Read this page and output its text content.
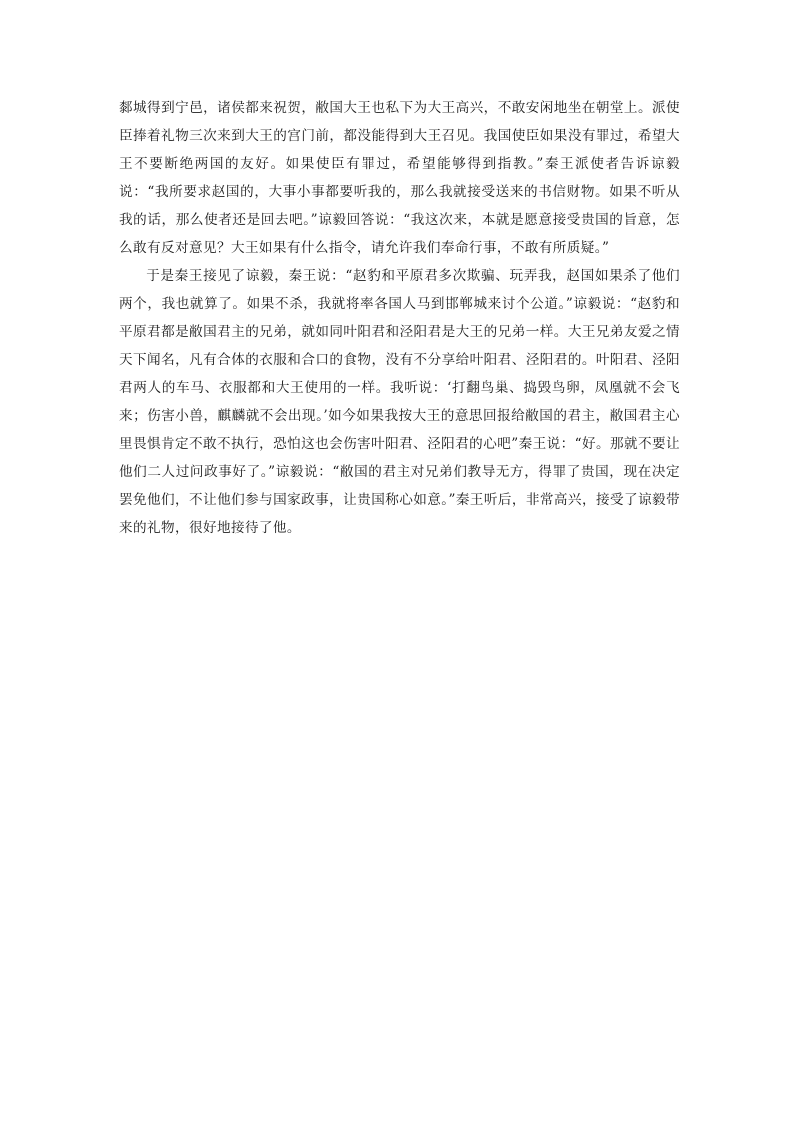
䣛城得到宁邑，诸侯都来祝贺，敝国大王也私下为大王高兴，不敢安闲地坐在朝堂上。派使臣捧着礼物三次来到大王的宫门前，都没能得到大王召见。我国使臣如果没有罪过，希望大王不要断绝两国的友好。如果使臣有罪过，希望能够得到指教。”秦王派使者告诉谅毅说：“我所要求赵国的，大事小事都要听我的，那么我就接受送来的书信财物。如果不听从我的话，那么使者还是回去吧。”谅毅回答说：“我这次来，本就是愿意接受贵国的旨意，怎么敢有反对意见？大王如果有什么指令，请允许我们奉命行事，不敢有所质疑。”

于是秦王接见了谅毅，秦王说：“赵豹和平原君多次欺骗、玩弄我，赵国如果杀了他们两个，我也就算了。如果不杀，我就将率各国人马到邯郸城来讨个公道。”谅毅说：“赵豹和平原君都是敝国君主的兄弟，就如同叶阳君和泾阳君是大王的兄弟一样。大王兄弟友爱之情天下闻名，凡有合体的衣服和合口的食物，没有不分享给叶阳君、泾阳君的。叶阳君、泾阳君两人的车马、衣服都和大王使用的一样。我听说：‘打翻鸟巢、捣毁鸟卵，凤凰就不会飞来；伤害小兽，麒麟就不会出现。’如今如果我按大王的意思回报给敝国的君主，敝国君主心里畏惧肯定不敢不执行，恐怕这也会伤害叶阳君、泾阳君的心吧”秦王说：“好。那就不要让他们二人过问政事好了。”谅毅说：“敝国的君主对兄弟们教导无方，得罪了贵国，现在决定罢免他们，不让他们参与国家政事，让贵国称心如意。”秦王听后，非常高兴，接受了谅毅带来的礼物，很好地接待了他。
